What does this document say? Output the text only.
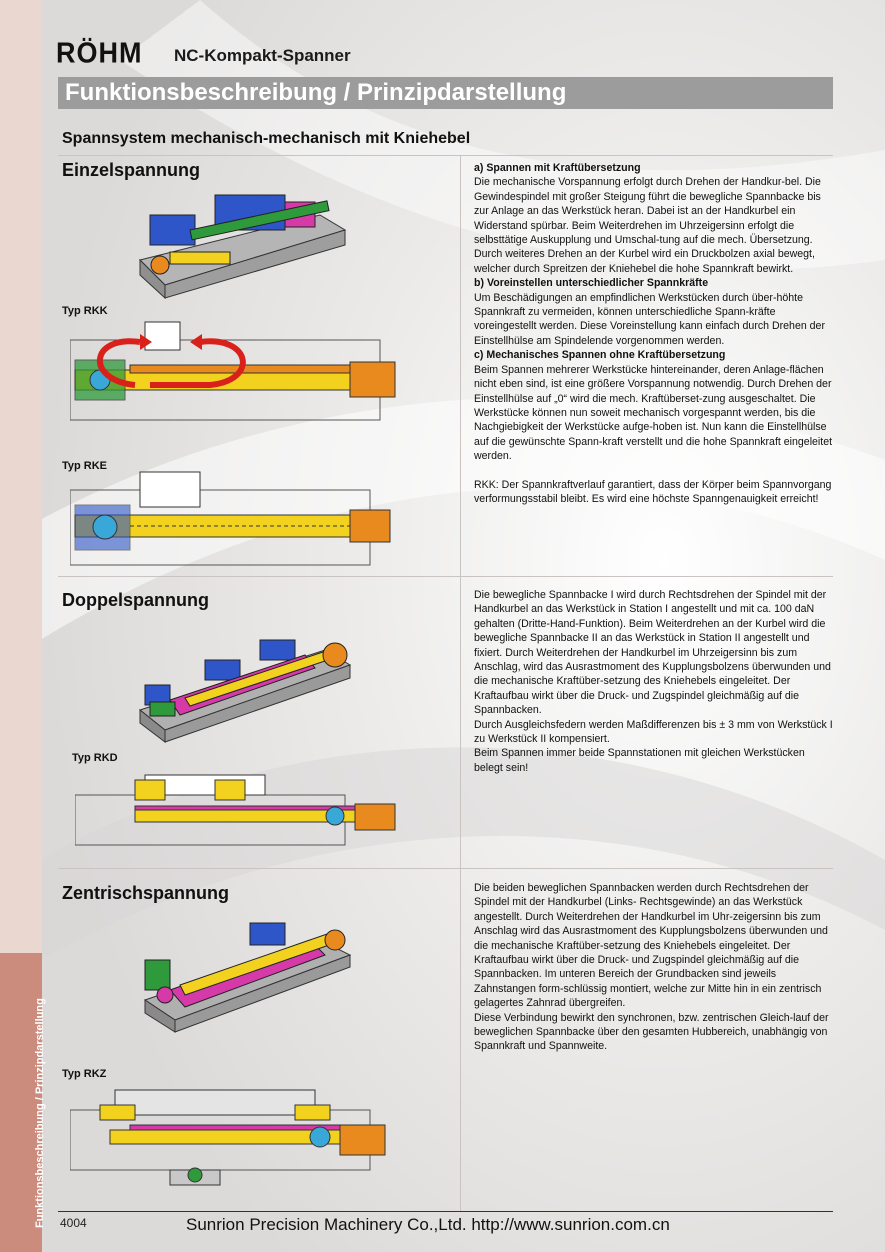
Funktionsbeschreibung / Prinzipdarstellung
RÖHM NC-Kompakt-Spanner
Funktionsbeschreibung / Prinzipdarstellung
Spannsystem mechanisch-mechanisch mit Kniehebel
Einzelspannung
Typ RKK
Typ RKE

a) Spannen mit Kraftübersetzung

Die mechanische Vorspannung erfolgt durch Drehen der Handkur-bel. Die Gewindespindel mit großer Steigung führt die bewegliche Spannbacke bis zur Anlage an das Werkstück heran. Dabei ist an der Handkurbel ein Widerstand spürbar. Beim Weiterdrehen im Uhrzeigersinn erfolgt die selbsttätige Auskupplung und Umschal-tung auf die mech. Übersetzung.

Durch weiteres Drehen an der Kurbel wird ein Druckbolzen axial bewegt, welcher durch Spreitzen der Kniehebel die hohe Spannkraft bewirkt.

b) Voreinstellen unterschiedlicher Spannkräfte

Um Beschädigungen an empfindlichen Werkstücken durch über-höhte Spannkraft zu vermeiden, können unterschiedliche Spann-kräfte voreingestellt werden. Diese Voreinstellung kann einfach durch Drehen der Einstellhülse am Spindelende vorgenommen werden.

c) Mechanisches Spannen ohne Kraftübersetzung

Beim Spannen mehrerer Werkstücke hintereinander, deren Anlage-flächen nicht eben sind, ist eine größere Vorspannung notwendig. Durch Drehen der Einstellhülse auf „0“ wird die mech. Kraftüberset-zung ausgeschaltet. Die Werkstücke können nun soweit mechanisch vorgespannt werden, bis die Nachgiebigkeit der Werkstücke aufge-hoben ist. Nun kann die Einstellhülse auf die gewünschte Spann-kraft verstellt und die hohe Spannkraft eingeleitet werden.

RKK: Der Spannkraftverlauf garantiert, dass der Körper beim Spannvorgang verformungsstabil bleibt. Es wird eine höchste Spanngenauigkeit erreicht!

Doppelspannung
Typ RKD

Die bewegliche Spannbacke I wird durch Rechtsdrehen der Spindel mit der Handkurbel an das Werkstück in Station I angestellt und mit ca. 100 daN gehalten (Dritte-Hand-Funktion). Beim Weiterdrehen an der Kurbel wird die bewegliche Spannbacke II an das Werkstück in Station II angestellt und fixiert. Durch Weiterdrehen der Handkurbel im Uhrzeigersinn bis zum Anschlag, wird das Ausrastmoment des Kupplungsbolzens überwunden und die mechanische Kraftüber-setzung des Kniehebels eingeleitet. Der Kraftaufbau wirkt über die Druck- und Zugspindel gleichmäßig auf die Spannbacken.

Durch Ausgleichsfedern werden Maßdifferenzen bis ± 3 mm von Werkstück I zu Werkstück II kompensiert.

Beim Spannen immer beide Spannstationen mit gleichen Werkstücken belegt sein!

Zentrischspannung
Typ RKZ

Die beiden beweglichen Spannbacken werden durch Rechtsdrehen der Spindel mit der Handkurbel (Links- Rechtsgewinde) an das Werkstück angestellt. Durch Weiterdrehen der Handkurbel im Uhr-zeigersinn bis zum Anschlag wird das Ausrastmoment des Kupplungsbolzens überwunden und die mechanische Kraftüber-setzung des Kniehebels eingeleitet. Der Kraftaufbau wirkt über die Druck- und Zugspindel gleichmäßig auf die Spannbacken. Im unteren Bereich der Grundbacken sind jeweils Zahnstangen form-schlüssig montiert, welche zur Mitte hin in ein zentrisch gelagertes Zahnrad übergreifen.

Diese Verbindung bewirkt den synchronen, bzw. zentrischen Gleich-lauf der beweglichen Spannbacke über den gesamten Hubbereich, unabhängig von Spannkraft und Spannweite.

4004	Sunrion Precision Machinery Co.,Ltd. http://www.sunrion.com.cn
